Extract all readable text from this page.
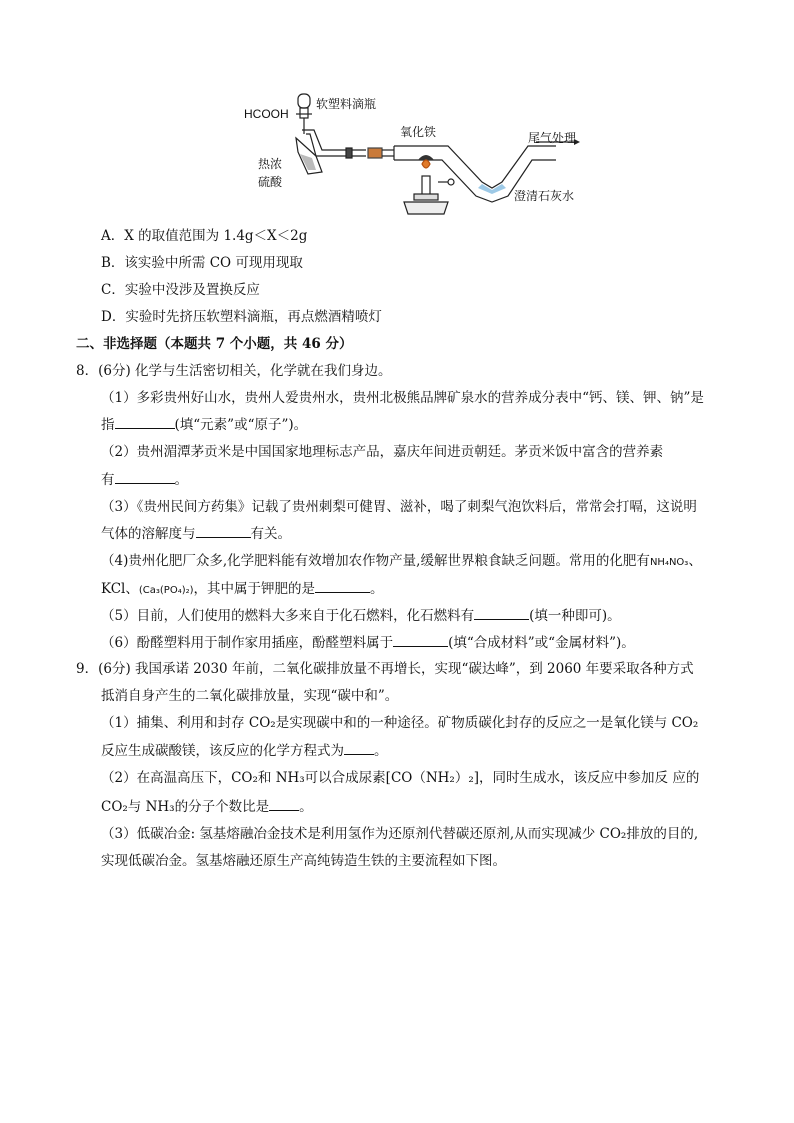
HCOOH
软塑料滴瓶
热浓
硫酸
氧化铁	尾气处理
澄清石灰水
A．X 的取值范围为 1.4g＜X＜2g
B．该实验中所需 CO 可现用现取
C．实验中没涉及置换反应
D．实验时先挤压软塑料滴瓶，再点燃酒精喷灯
二、非选择题（本题共 7 个小题，共 46 分）
8．(6分) 化学与生活密切相关，化学就在我们身边。
（1）多彩贵州好山水，贵州人爱贵州水，贵州北极熊品牌矿泉水的营养成分表中“钙、镁、钾、钠”是
指	(填“元素”或“原子”)。
（2）贵州湄潭茅贡米是中国国家地理标志产品，嘉庆年间进贡朝廷。茅贡米饭中富含的营养素
有	。
（3）《贵州民间方药集》记载了贵州刺梨可健胃、滋补，喝了刺梨气泡饮料后，常常会打嗝，这说明
气体的溶解度与	有关。
（4)贵州化肥厂众多,化学肥料能有效增加农作物产量,缓解世界粮食缺乏问题。常用的化肥有NH₄NO₃、
KCl、(Ca₃(PO₄)₂)，其中属于钾肥的是	。
（5）目前，人们使用的燃料大多来自于化石燃料，化石燃料有	(填一种即可)。
（6）酚醛塑料用于制作家用插座，酚醛塑料属于	(填“合成材料”或“金属材料”)。
9．(6分) 我国承诺 2030 年前，二氧化碳排放量不再增长，实现“碳达峰”，到 2060 年要采取各种方式
抵消自身产生的二氧化碳排放量，实现“碳中和”。
（1）捕集、利用和封存 CO₂是实现碳中和的一种途径。矿物质碳化封存的反应之一是氧化镁与 CO₂
反应生成碳酸镁，该反应的化学方程式为 。
（2）在高温高压下，CO₂和 NH₃可以合成尿素[CO（NH₂）₂]，同时生成水，该反应中参加反 应的
CO₂与 NH₃的分子个数比是 。
（3）低碳冶金: 氢基熔融冶金技术是利用氢作为还原剂代替碳还原剂,从而实现减少 CO₂排放的目的,
实现低碳冶金。氢基熔融还原生产高纯铸造生铁的主要流程如下图。
